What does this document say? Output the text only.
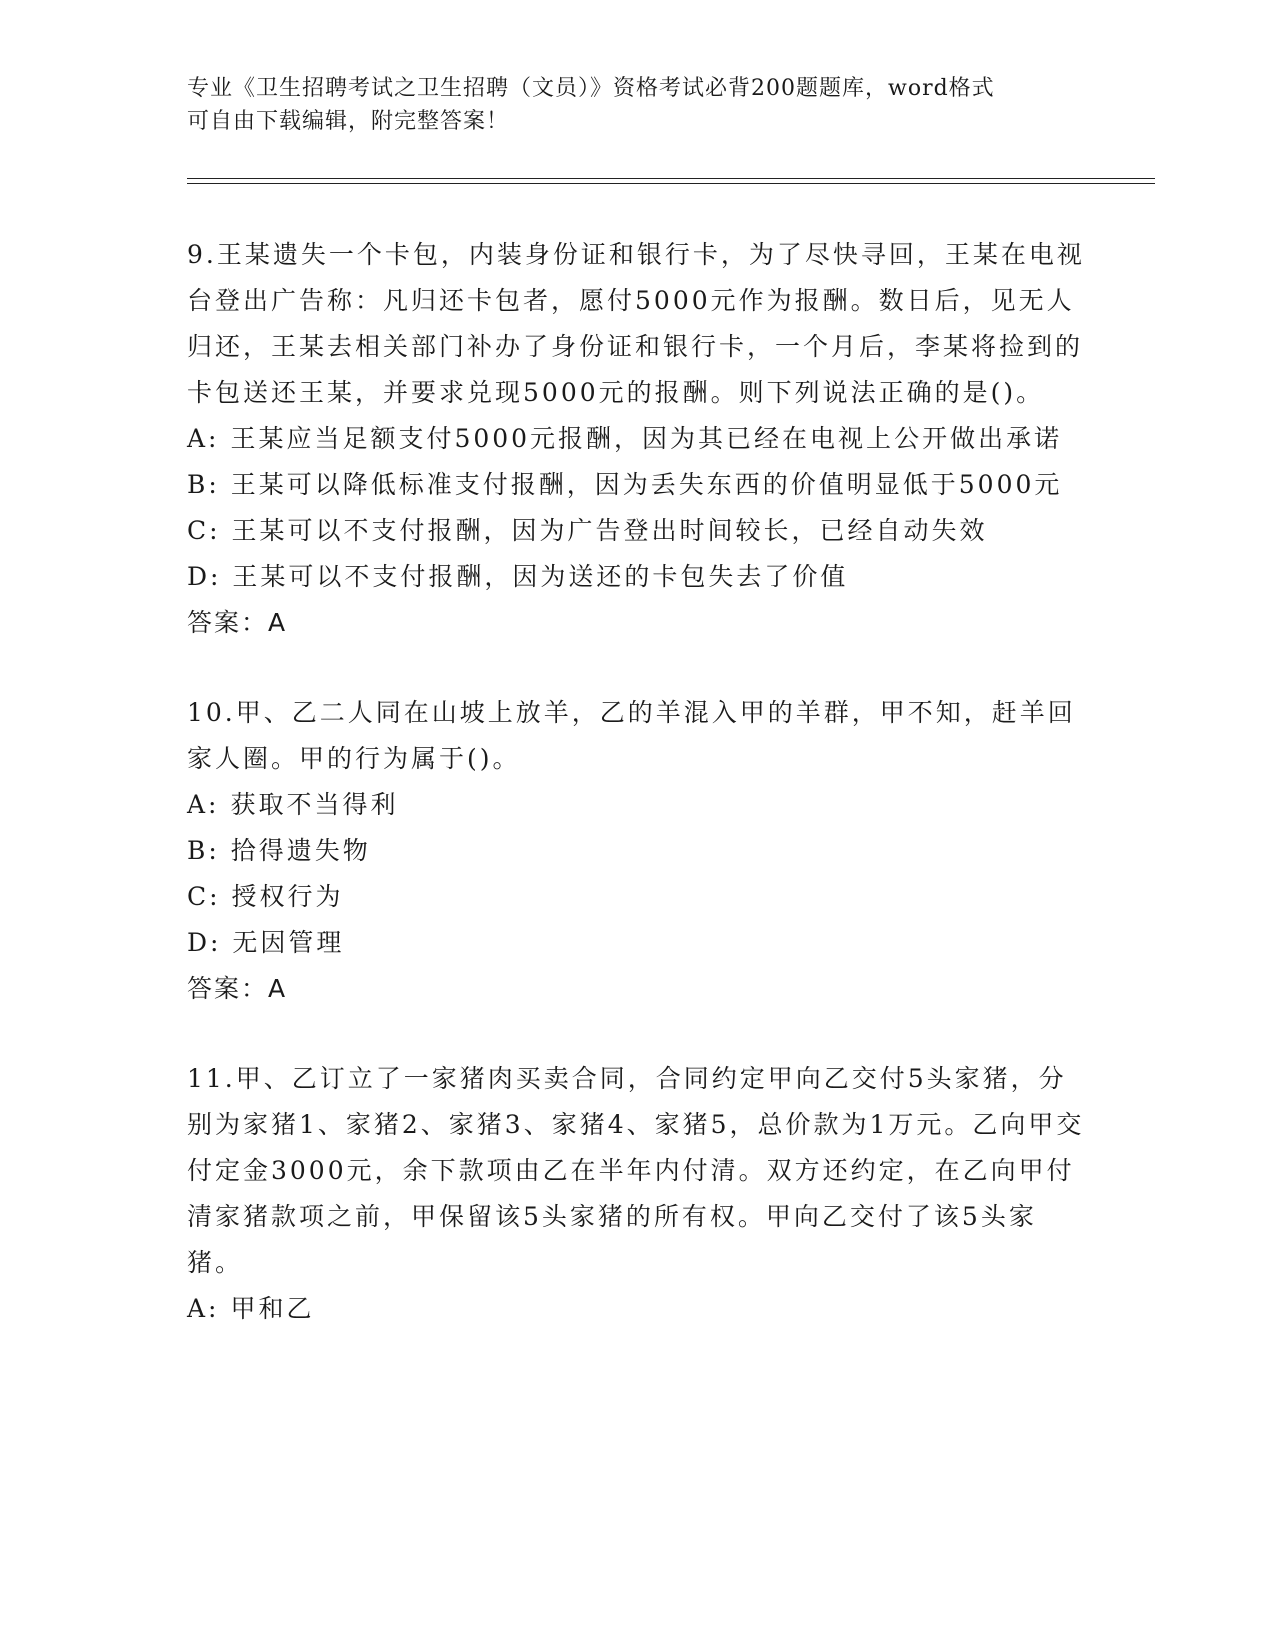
专业《卫生招聘考试之卫生招聘（文员）》资格考试必背200题题库，word格式
可自由下载编辑，附完整答案！

9.王某遗失一个卡包，内装身份证和银行卡，为了尽快寻回，王某在电视台登出广告称：凡归还卡包者，愿付5000元作为报酬。数日后，见无人归还，王某去相关部门补办了身份证和银行卡，一个月后，李某将捡到的卡包送还王某，并要求兑现5000元的报酬。则下列说法正确的是()。

A: 王某应当足额支付5000元报酬，因为其已经在电视上公开做出承诺

B: 王某可以降低标准支付报酬，因为丢失东西的价值明显低于5000元

C: 王某可以不支付报酬，因为广告登出时间较长，已经自动失效

D: 王某可以不支付报酬，因为送还的卡包失去了价值

答案：A

10.甲、乙二人同在山坡上放羊，乙的羊混入甲的羊群，甲不知，赶羊回家人圈。甲的行为属于()。

A: 获取不当得利

B: 拾得遗失物

C: 授权行为

D: 无因管理

答案：A

11.甲、乙订立了一家猪肉买卖合同，合同约定甲向乙交付5头家猪，分别为家猪1、家猪2、家猪3、家猪4、家猪5，总价款为1万元。乙向甲交付定金3000元，余下款项由乙在半年内付清。双方还约定，在乙向甲付清家猪款项之前，甲保留该5头家猪的所有权。甲向乙交付了该5头家猪。

A: 甲和乙
